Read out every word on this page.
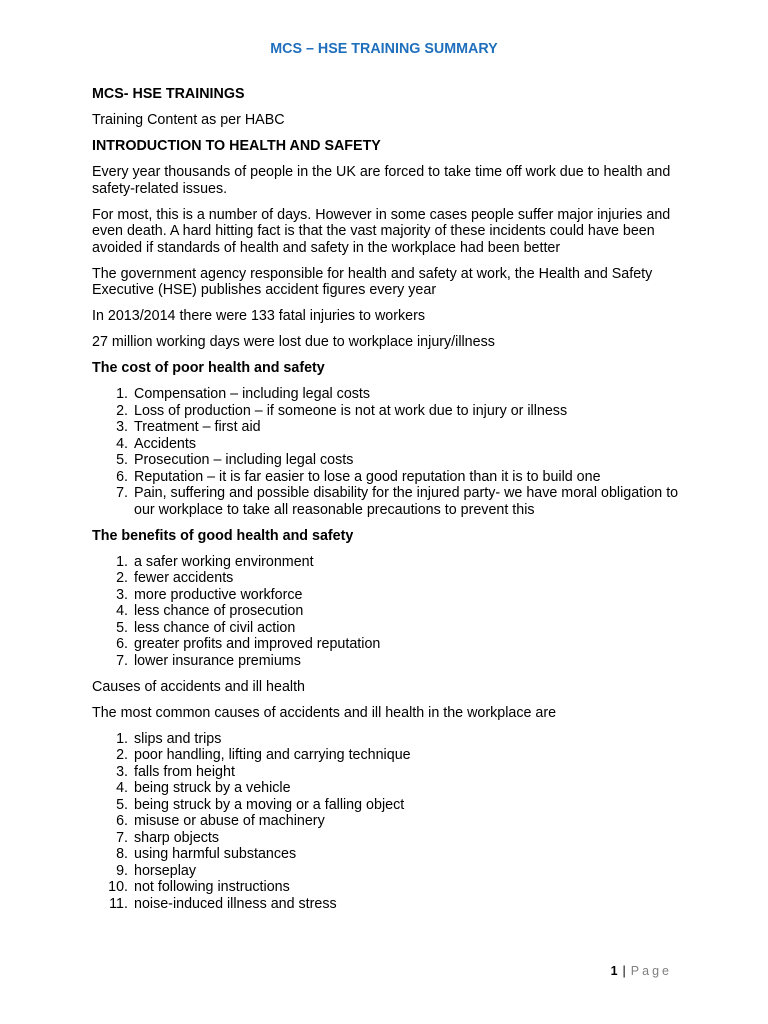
MCS – HSE TRAINING SUMMARY

MCS- HSE TRAININGS

Training Content as per HABC

INTRODUCTION TO HEALTH AND SAFETY

Every year thousands of people in the UK are forced to take time off work due to health and safety-related issues.

For most, this is a number of days. However in some cases people suffer major injuries and even death. A hard hitting fact is that the vast majority of these incidents could have been avoided if standards of health and safety in the workplace had been better

The government agency responsible for health and safety at work, the Health and Safety Executive (HSE) publishes accident figures every year

In 2013/2014 there were 133 fatal injuries to workers

27 million working days were lost due to workplace injury/illness

The cost of poor health and safety

1. Compensation – including legal costs
2. Loss of production – if someone is not at work due to injury or illness
3. Treatment – first aid
4. Accidents
5. Prosecution – including legal costs
6. Reputation – it is far easier to lose a good reputation than it is to build one
7. Pain, suffering and possible disability for the injured party- we have moral obligation to our workplace to take all reasonable precautions to prevent this

The benefits of good health and safety

1. a safer working environment
2. fewer accidents
3. more productive workforce
4. less chance of prosecution
5. less chance of civil action
6. greater profits and improved reputation
7. lower insurance premiums

Causes of accidents and ill health

The most common causes of accidents and ill health in the workplace are

1. slips and trips
2. poor handling, lifting and carrying technique
3. falls from height
4. being struck by a vehicle
5. being struck by a moving or a falling object
6. misuse or abuse of machinery
7. sharp objects
8. using harmful substances
9. horseplay
10. not following instructions
11. noise-induced illness and stress
1 | Page
